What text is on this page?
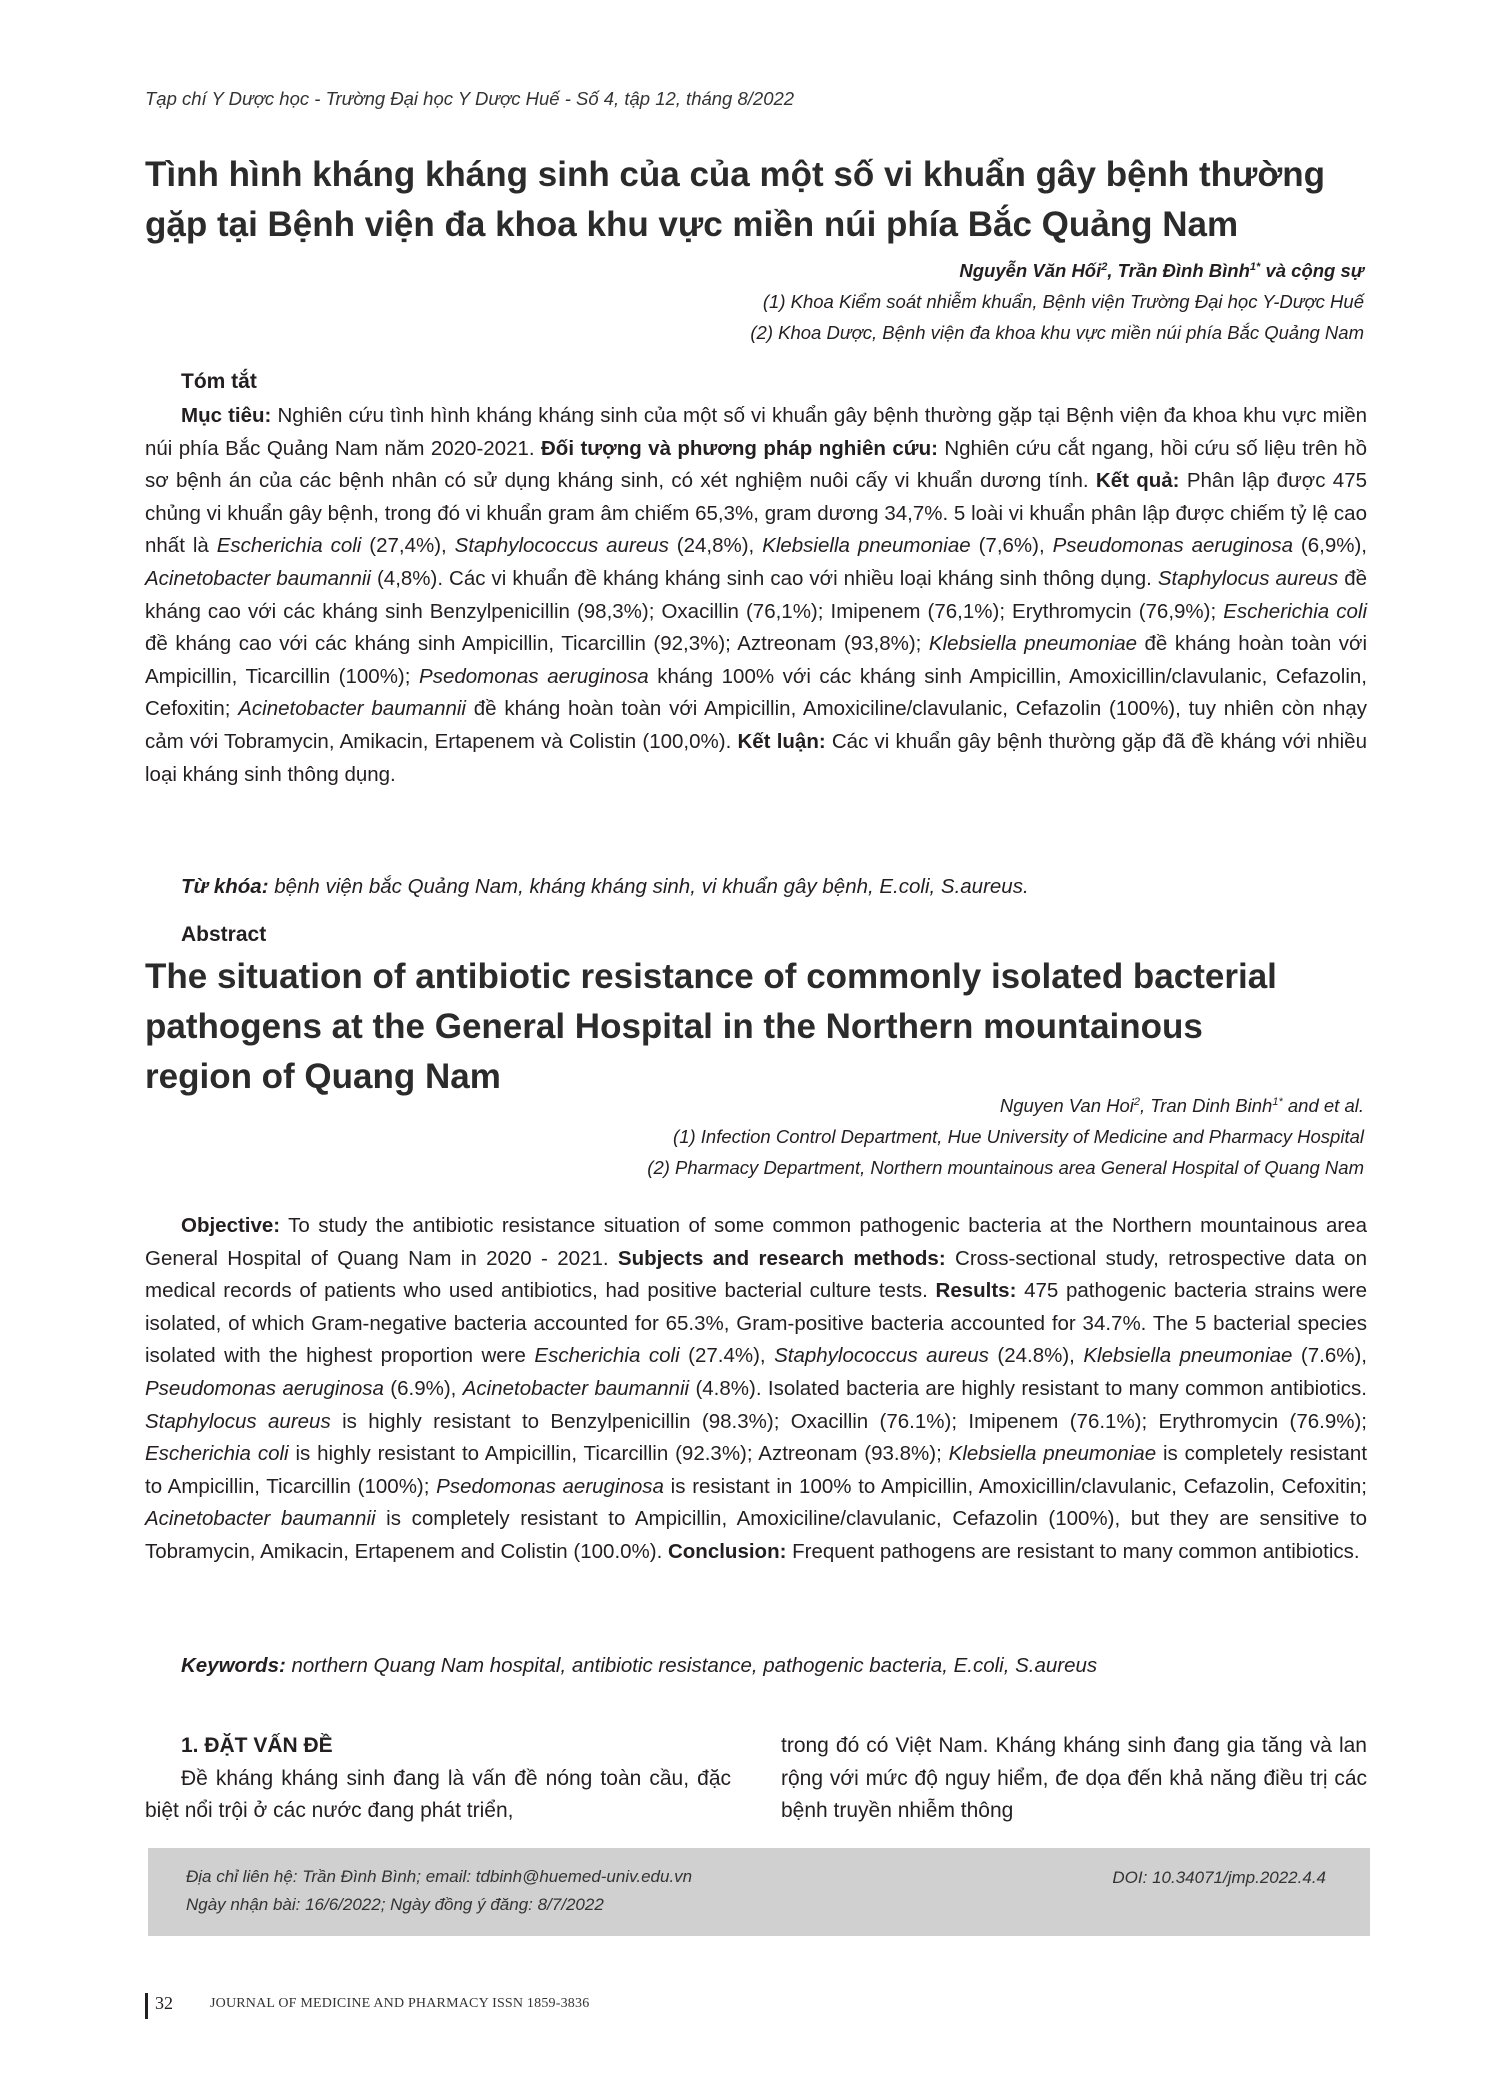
Tạp chí Y Dược học - Trường Đại học Y Dược Huế - Số 4, tập 12, tháng 8/2022
Tình hình kháng kháng sinh của của một số vi khuẩn gây bệnh thường
gặp tại Bệnh viện đa khoa khu vực miền núi phía Bắc Quảng Nam
Nguyễn Văn Hối$^2$, Trần Đình Bình$^{1*}$ và cộng sự
(1) Khoa Kiểm soát nhiễm khuẩn, Bệnh viện Trường Đại học Y-Dược Huế
(2) Khoa Dược, Bệnh viện đa khoa khu vực miền núi phía Bắc Quảng Nam
Tóm tắt
Mục tiêu: Nghiên cứu tình hình kháng kháng sinh của một số vi khuẩn gây bệnh thường gặp tại Bệnh viện đa khoa khu vực miền núi phía Bắc Quảng Nam năm 2020-2021. Đối tượng và phương pháp nghiên cứu: Nghiên cứu cắt ngang, hồi cứu số liệu trên hồ sơ bệnh án của các bệnh nhân có sử dụng kháng sinh, có xét nghiệm nuôi cấy vi khuẩn dương tính. Kết quả: Phân lập được 475 chủng vi khuẩn gây bệnh, trong đó vi khuẩn gram âm chiếm 65,3%, gram dương 34,7%. 5 loài vi khuẩn phân lập được chiếm tỷ lệ cao nhất là Escherichia coli (27,4%), Staphylococcus aureus (24,8%), Klebsiella pneumoniae (7,6%), Pseudomonas aeruginosa (6,9%), Acinetobacter baumannii (4,8%). Các vi khuẩn đề kháng kháng sinh cao với nhiều loại kháng sinh thông dụng. Staphylocus aureus đề kháng cao với các kháng sinh Benzylpenicillin (98,3%); Oxacillin (76,1%); Imipenem (76,1%); Erythromycin (76,9%); Escherichia coli đề kháng cao với các kháng sinh Ampicillin, Ticarcillin (92,3%); Aztreonam (93,8%); Klebsiella pneumoniae đề kháng hoàn toàn với Ampicillin, Ticarcillin (100%); Psedomonas aeruginosa kháng 100% với các kháng sinh Ampicillin, Amoxicillin/clavulanic, Cefazolin, Cefoxitin; Acinetobacter baumannii đề kháng hoàn toàn với Ampicillin, Amoxiciline/clavulanic, Cefazolin (100%), tuy nhiên còn nhạy cảm với Tobramycin, Amikacin, Ertapenem và Colistin (100,0%). Kết luận: Các vi khuẩn gây bệnh thường gặp đã đề kháng với nhiều loại kháng sinh thông dụng.
Từ khóa: bệnh viện bắc Quảng Nam, kháng kháng sinh, vi khuẩn gây bệnh, E.coli, S.aureus.
Abstract
The situation of antibiotic resistance of commonly isolated bacterial
pathogens at the General Hospital in the Northern mountainous
region of Quang Nam
Nguyen Van Hoi$^2$, Tran Dinh Binh$^{1*}$ and et al.
(1) Infection Control Department, Hue University of Medicine and Pharmacy Hospital
(2) Pharmacy Department, Northern mountainous area General Hospital of Quang Nam
Objective: To study the antibiotic resistance situation of some common pathogenic bacteria at the Northern mountainous area General Hospital of Quang Nam in 2020 - 2021. Subjects and research methods: Cross-sectional study, retrospective data on medical records of patients who used antibiotics, had positive bacterial culture tests. Results: 475 pathogenic bacteria strains were isolated, of which Gram-negative bacteria accounted for 65.3%, Gram-positive bacteria accounted for 34.7%. The 5 bacterial species isolated with the highest proportion were Escherichia coli (27.4%), Staphylococcus aureus (24.8%), Klebsiella pneumoniae (7.6%), Pseudomonas aeruginosa (6.9%), Acinetobacter baumannii (4.8%). Isolated bacteria are highly resistant to many common antibiotics. Staphylocus aureus is highly resistant to Benzylpenicillin (98.3%); Oxacillin (76.1%); Imipenem (76.1%); Erythromycin (76.9%); Escherichia coli is highly resistant to Ampicillin, Ticarcillin (92.3%); Aztreonam (93.8%); Klebsiella pneumoniae is completely resistant to Ampicillin, Ticarcillin (100%); Psedomonas aeruginosa is resistant in 100% to Ampicillin, Amoxicillin/clavulanic, Cefazolin, Cefoxitin; Acinetobacter baumannii is completely resistant to Ampicillin, Amoxiciline/clavulanic, Cefazolin (100%), but they are sensitive to Tobramycin, Amikacin, Ertapenem and Colistin (100.0%). Conclusion: Frequent pathogens are resistant to many common antibiotics.
Keywords: northern Quang Nam hospital, antibiotic resistance, pathogenic bacteria, E.coli, S.aureus
1. ĐẶT VẤN ĐỀ
Đề kháng kháng sinh đang là vấn đề nóng toàn cầu, đặc biệt nổi trội ở các nước đang phát triển,
trong đó có Việt Nam. Kháng kháng sinh đang gia tăng và lan rộng với mức độ nguy hiểm, đe dọa đến khả năng điều trị các bệnh truyền nhiễm thông
Địa chỉ liên hệ: Trần Đình Bình; email: tdbinh@huemed-univ.edu.vn
Ngày nhận bài: 16/6/2022; Ngày đồng ý đăng: 8/7/2022
DOI: 10.34071/jmp.2022.4.4
32	JOURNAL OF MEDICINE AND PHARMACY ISSN 1859-3836
